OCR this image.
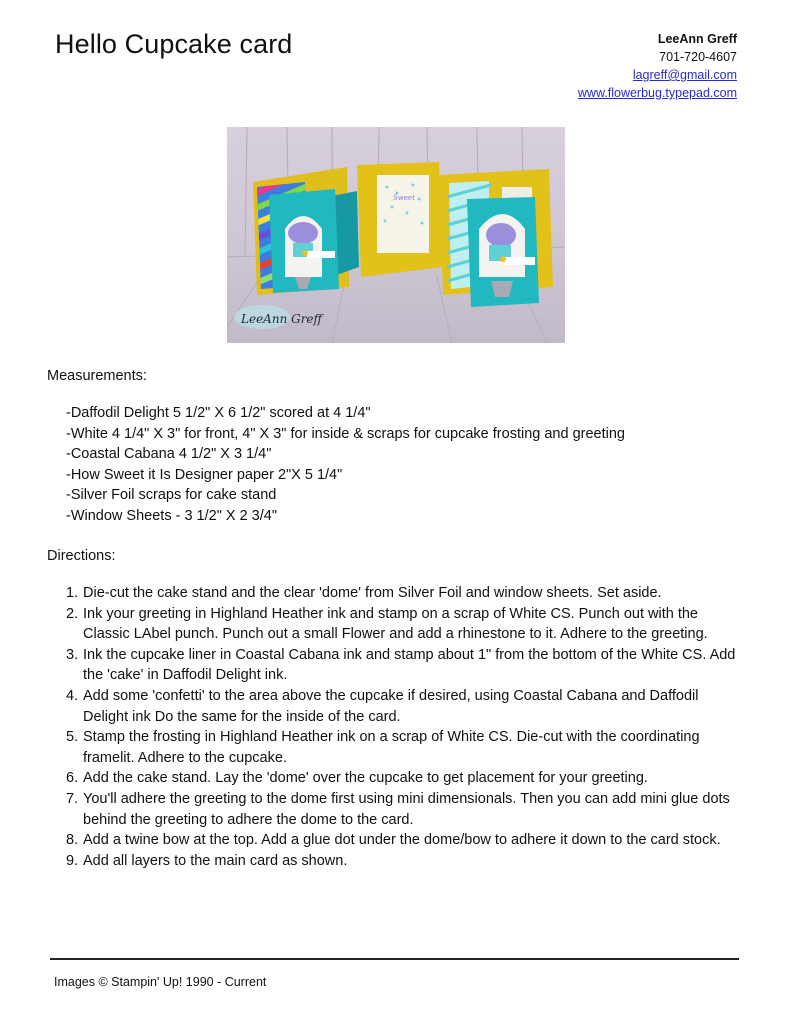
Hello Cupcake card	LeeAnn Greff
701-720-4607
lagreff@gmail.com
www.flowerbug.typepad.com
Sweet
LeeAnn Greff
Measurements:
-Daffodil Delight 5 1/2" X 6 1/2" scored at 4 1/4"
-White 4 1/4" X 3" for front, 4" X 3" for inside & scraps for cupcake frosting and greeting
-Coastal Cabana 4 1/2" X 3 1/4"
-How Sweet it Is Designer paper 2"X 5 1/4"
-Silver Foil scraps for cake stand
-Window Sheets - 3 1/2" X 2 3/4"
Directions:
1. Die-cut the cake stand and the clear 'dome' from Silver Foil and window sheets. Set aside.
2. Ink your greeting in Highland Heather ink and stamp on a scrap of White CS. Punch out with the Classic LAbel punch. Punch out a small Flower and add a rhinestone to it. Adhere to the greeting.
3. Ink the cupcake liner in Coastal Cabana ink and stamp about 1" from the bottom of the White CS. Add the 'cake' in Daffodil Delight ink.
4. Add some 'confetti' to the area above the cupcake if desired, using Coastal Cabana and Daffodil Delight ink Do the same for the inside of the card.
5. Stamp the frosting in Highland Heather ink on a scrap of White CS. Die-cut with the coordinating framelit. Adhere to the cupcake.
6. Add the cake stand. Lay the 'dome' over the cupcake to get placement for your greeting.
7. You'll adhere the greeting to the dome first using mini dimensionals. Then you can add mini glue dots behind the greeting to adhere the dome to the card.
8. Add a twine bow at the top. Add a glue dot under the dome/bow to adhere it down to the card stock.
9. Add all layers to the main card as shown.
Images © Stampin' Up! 1990 - Current
